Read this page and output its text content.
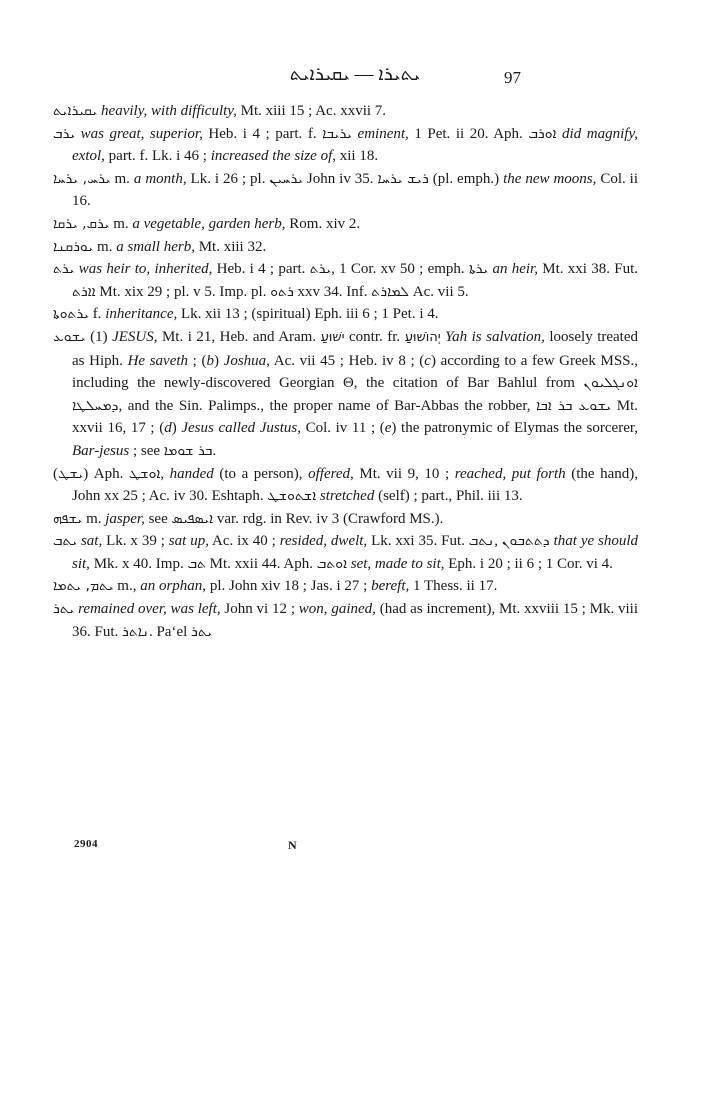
ܝܬܝܪܐ — ܝܩܝܪܐܝܬ	97
ܝܩܝܪܐܝܬ heavily, with difficulty, Mt. xiii 15 ; Ac. xxvii 7.
ܝܪܒ was great, superior, Heb. i 4 ; part. f. ܝܪܝܒܐ eminent, 1 Pet. ii 20. Aph. ܐܘܪܒ did magnify, extol, part. f. Lk. i 46 ; increased the size of, xii 18.
ܝܪܚ, ܝܪܚܐ m. a month, Lk. i 26 ; pl. ܝܪܚܝܢ John iv 35. ܪܝܫ ܝܪܚܐ (pl. emph.) the new moons, Col. ii 16.
ܝܪܩ, ܝܪܩܐ m. a vegetable, garden herb, Rom. xiv 2.
ܝܘܪܩܢܐ m. a small herb, Mt. xiii 32.
ܝܪܬ was heir to, inherited, Heb. i 4 ; part. ܝܪܬ, 1 Cor. xv 50 ; emph. ܝܪܬܐ an heir, Mt. xxi 38. Fut. ܐܐܪܬ Mt. xix 29 ; pl. v 5. Imp. pl. ܪܬܘ xxv 34. Inf. ܠܡܐܪܬ Ac. vii 5.
ܝܪܬܘܬܐ f. inheritance, Lk. xii 13 ; (spiritual) Eph. iii 6 ; 1 Pet. i 4.
ܝܫܘܥ (1) JESUS, Mt. i 21, Heb. and Aram. ישׁוּעַ contr. fr. יְהוֹשׁוּעַ Yah is salvation, loosely treated as Hiph. He saveth ; (b) Joshua, Ac. vii 45 ; Heb. iv 8 ; (c) according to a few Greek MSS., including the newly-discovered Georgian Θ, the citation of Bar Bahlul from ܐܘܢܓܠܝܘܢ ܕܡܚܠܛܐ, and the Sin. Palimps., the proper name of Bar-Abbas the robber, ܝܫܘܥ ܒܪ ܐܒܐ Mt. xxvii 16, 17 ; (d) Jesus called Justus, Col. iv 11 ; (e) the patronymic of Elymas the sorcerer, Bar-jesus ; see ܒܪ ܫܘܡܐ.
(ܝܫܛ) Aph. ܐܘܫܛ, handed (to a person), offered, Mt. vii 9, 10 ; reached, put forth (the hand), John xx 25 ; Ac. iv 30. Eshtaph. ܐܫܬܘܫܛ stretched (self) ; part., Phil. iii 13.
ܝܫܦܗ m. jasper, see ܐܝܣܦܝܣ var. rdg. in Rev. iv 3 (Crawford MS.).
ܝܬܒ sat, Lk. x 39 ; sat up, Ac. ix 40 ; resided, dwelt, Lk. xxi 35. Fut. ܢܬܒ, ܕܬܬܒܘܢ that ye should sit, Mk. x 40. Imp. ܬܒ Mt. xxii 44. Aph. ܐܘܬܒ set, made to sit, Eph. i 20 ; ii 6 ; 1 Cor. vi 4.
ܝܬܡ, ܝܬܡܐ m., an orphan, pl. John xiv 18 ; Jas. i 27 ; bereft, 1 Thess. ii 17.
ܝܬܪ remained over, was left, John vi 12 ; won, gained, (had as increment), Mt. xxviii 15 ; Mk. viii 36. Fut. ܢܐܬܪ. Pa‘el ܝܬܪ
2904	N
